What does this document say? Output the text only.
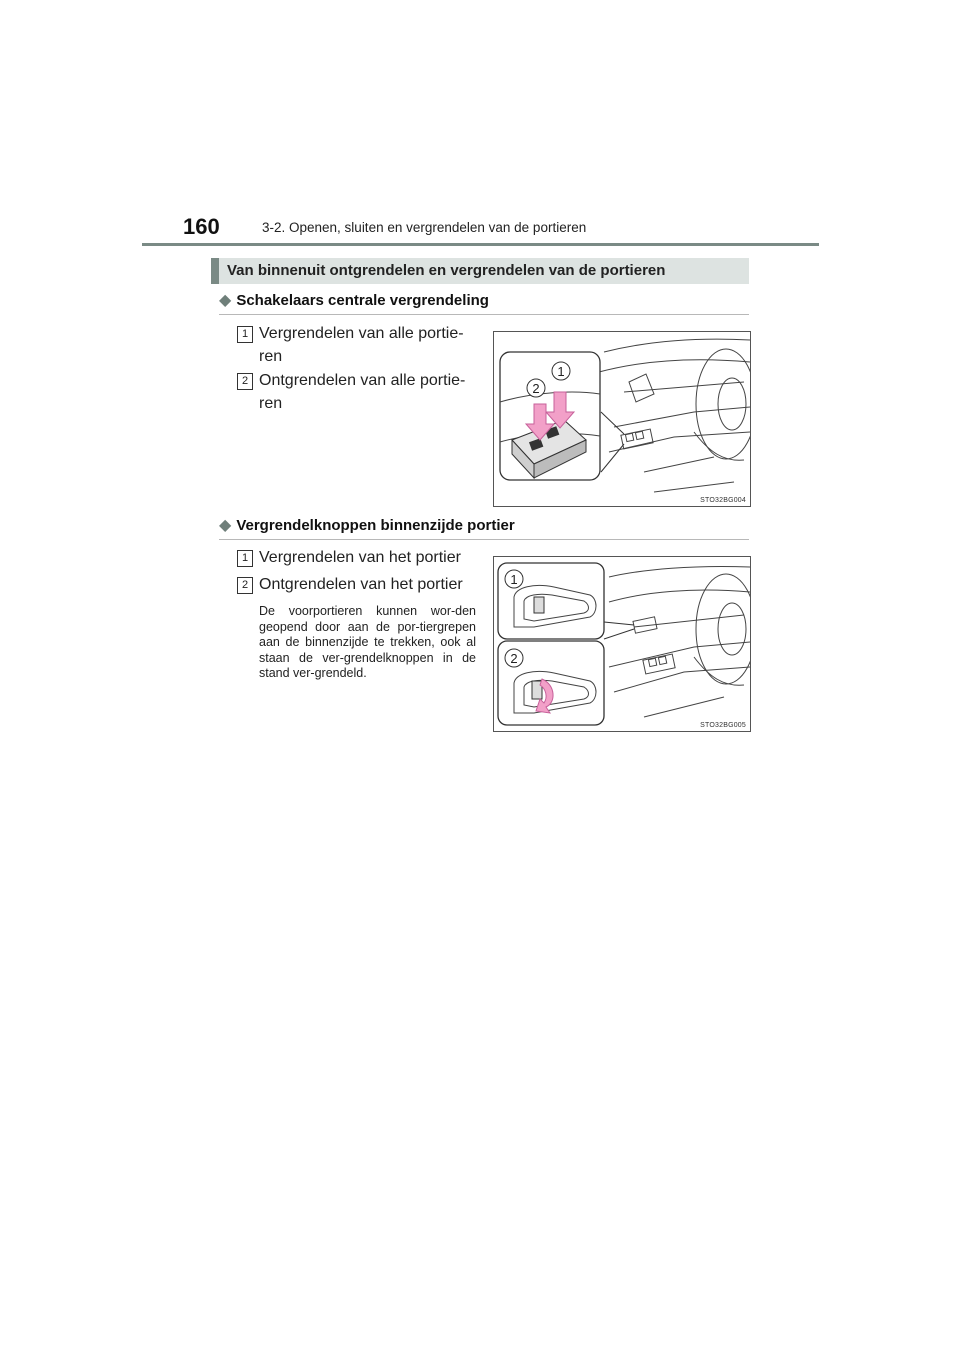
160	3-2. Openen, sluiten en vergrendelen van de portieren
Van binnenuit ontgrendelen en vergrendelen van de portieren
◆ Schakelaars centrale vergrendeling
1 Vergrendelen van alle portie-
ren
2 Ontgrendelen van alle portie-
ren
1
2
STO32BG004
◆ Vergrendelknoppen binnenzijde portier
1 Vergrendelen van het portier
2 Ontgrendelen van het portier
De voorportieren kunnen wor-den geopend door aan de por-tiergrepen aan de binnenzijde te trekken, ook al staan de ver-grendelknoppen in de stand ver-grendeld.
1
2
STO32BG005
